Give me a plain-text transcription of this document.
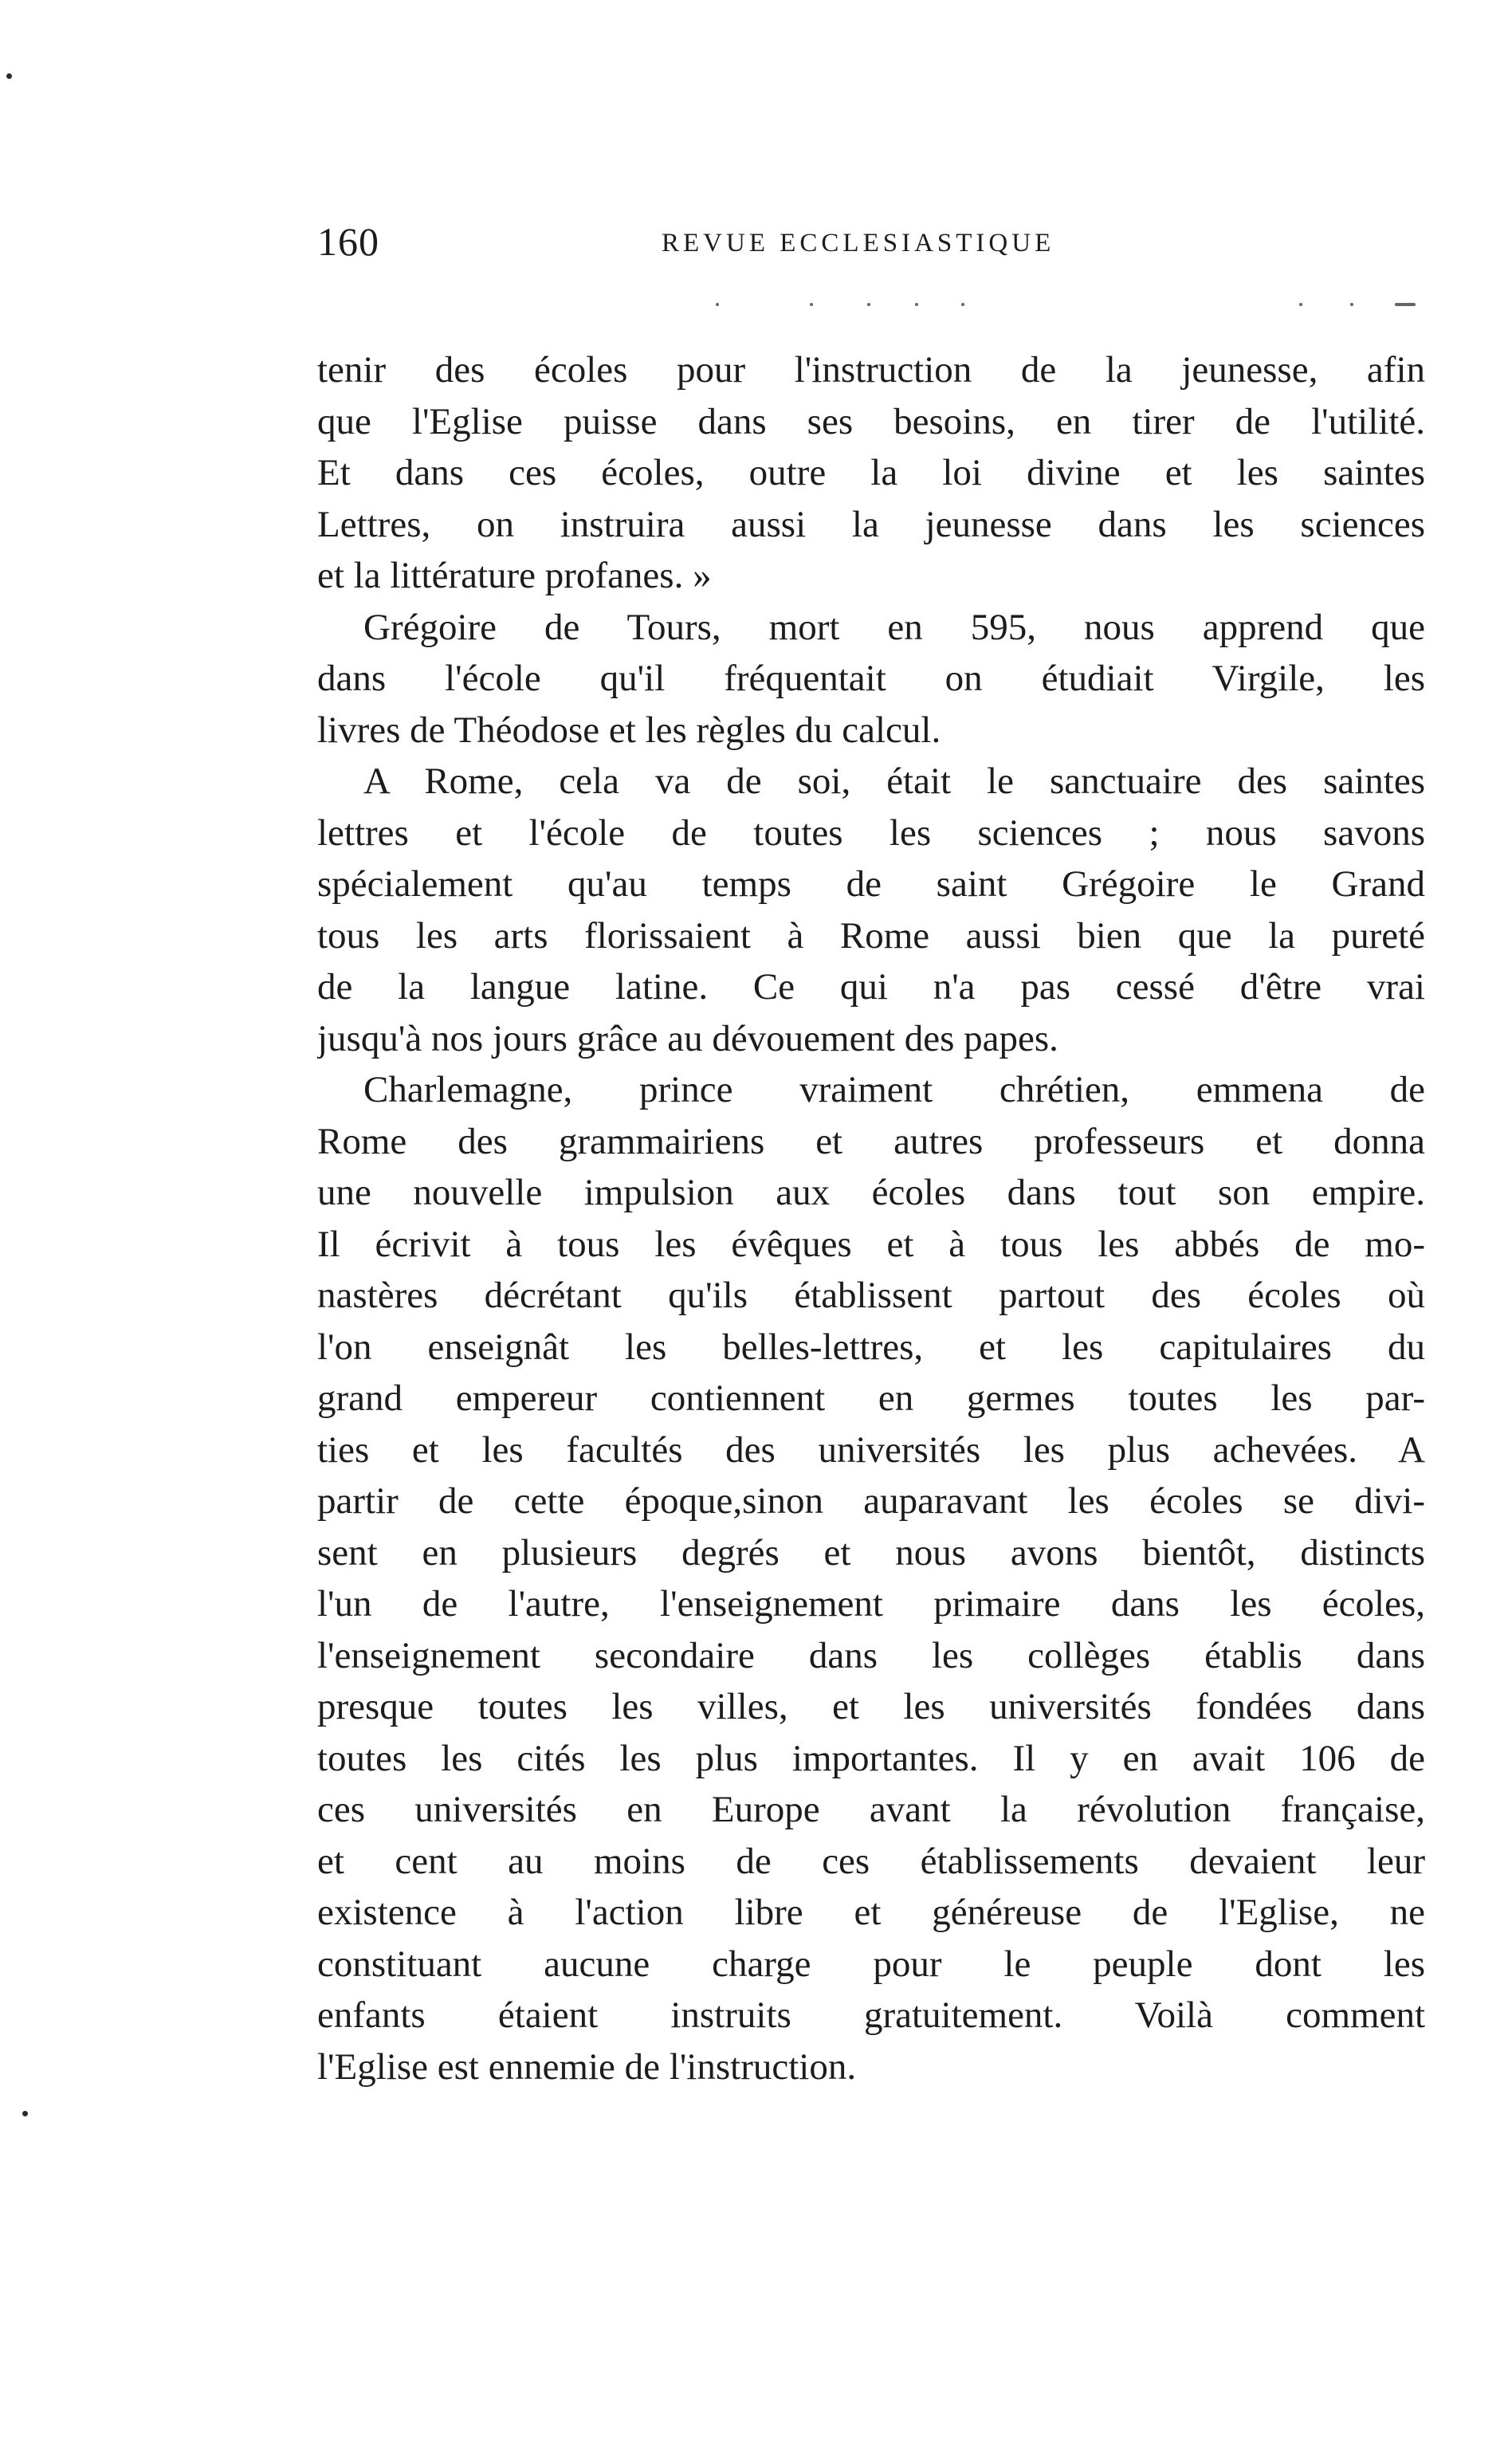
160	REVUE ECCLESIASTIQUE
tenir des écoles pour l'instruction de la jeunesse, afin
que l'Eglise puisse dans ses besoins, en tirer de l'utilité.
Et dans ces écoles, outre la loi divine et les saintes
Lettres, on instruira aussi la jeunesse dans les sciences
et la littérature profanes. »
Grégoire de Tours, mort en 595, nous apprend que
dans l'école qu'il fréquentait on étudiait Virgile, les
livres de Théodose et les règles du calcul.
A Rome, cela va de soi, était le sanctuaire des saintes
lettres et l'école de toutes les sciences ; nous savons
spécialement qu'au temps de saint Grégoire le Grand
tous les arts florissaient à Rome aussi bien que la pureté
de la langue latine. Ce qui n'a pas cessé d'être vrai
jusqu'à nos jours grâce au dévouement des papes.
Charlemagne, prince vraiment chrétien, emmena de
Rome des grammairiens et autres professeurs et donna
une nouvelle impulsion aux écoles dans tout son empire.
Il écrivit à tous les évêques et à tous les abbés de mo-
nastères décrétant qu'ils établissent partout des écoles où
l'on enseignât les belles-lettres, et les capitulaires du
grand empereur contiennent en germes toutes les par-
ties et les facultés des universités les plus achevées. A
partir de cette époque,sinon auparavant les écoles se divi-
sent en plusieurs degrés et nous avons bientôt, distincts
l'un de l'autre, l'enseignement primaire dans les écoles,
l'enseignement secondaire dans les collèges établis dans
presque toutes les villes, et les universités fondées dans
toutes les cités les plus importantes. Il y en avait 106 de
ces universités en Europe avant la révolution française,
et cent au moins de ces établissements devaient leur
existence à l'action libre et généreuse de l'Eglise, ne
constituant aucune charge pour le peuple dont les
enfants étaient instruits gratuitement. Voilà comment
l'Eglise est ennemie de l'instruction.
